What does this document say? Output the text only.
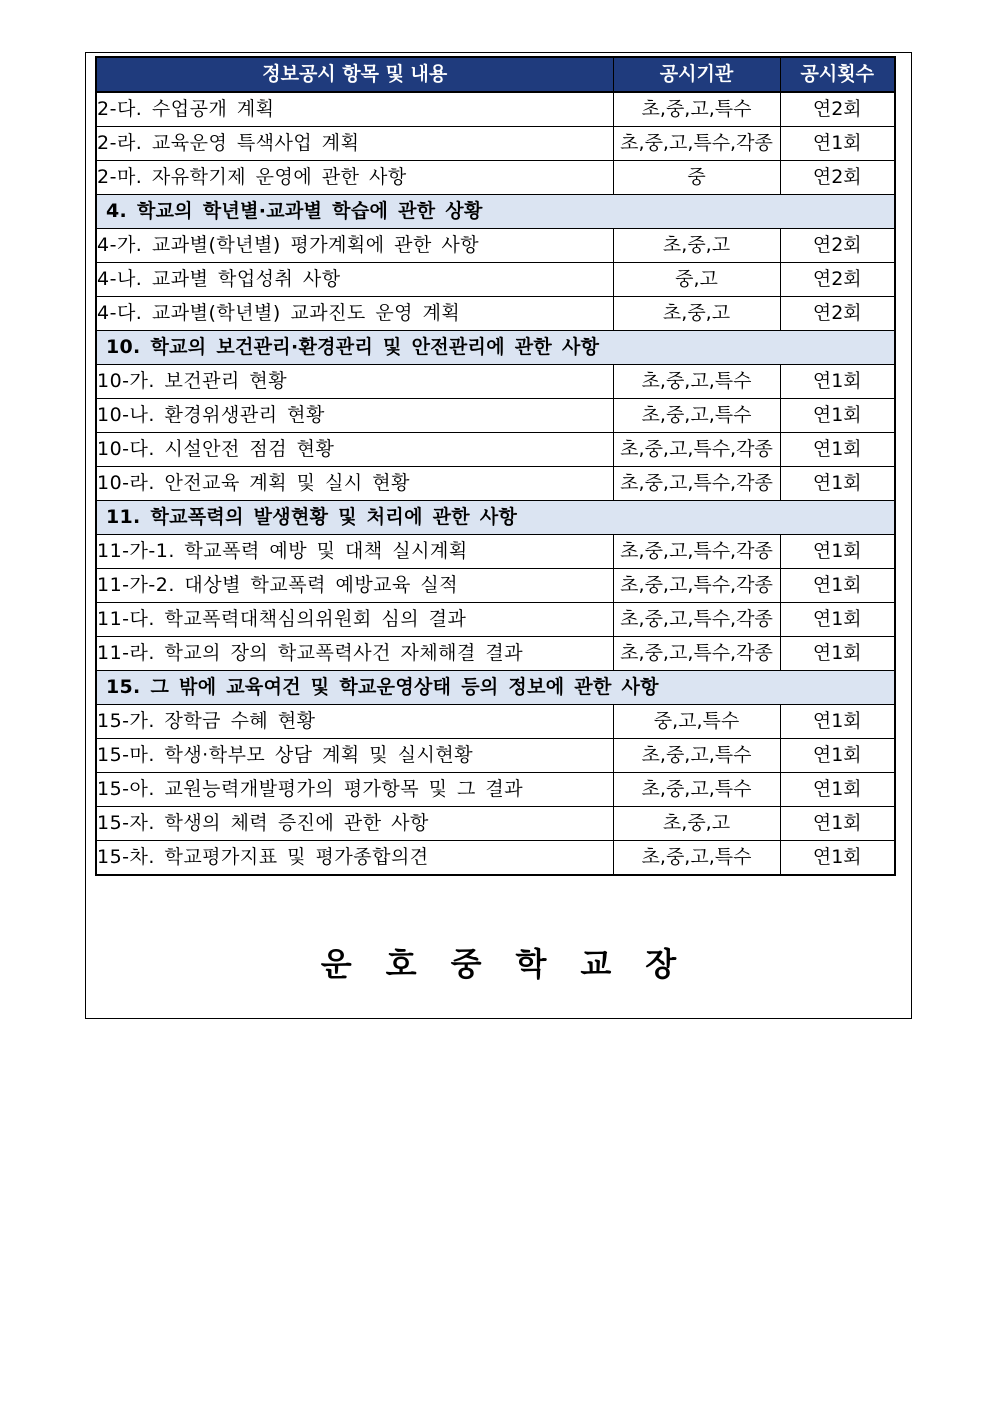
정보공시 항목 및 내용	공시기관	공시횟수
2-다. 수업공개 계획	초,중,고,특수	연2회
2-라. 교육운영 특색사업 계획	초,중,고,특수,각종	연1회
2-마. 자유학기제 운영에 관한 사항	중	연2회
4. 학교의 학년별·교과별 학습에 관한 상황		
4-가. 교과별(학년별) 평가계획에 관한 사항	초,중,고	연2회
4-나. 교과별 학업성취 사항	중,고	연2회
4-다. 교과별(학년별) 교과진도 운영 계획	초,중,고	연2회
10. 학교의 보건관리·환경관리 및 안전관리에 관한 사항		
10-가. 보건관리 현황	초,중,고,특수	연1회
10-나. 환경위생관리 현황	초,중,고,특수	연1회
10-다. 시설안전 점검 현황	초,중,고,특수,각종	연1회
10-라. 안전교육 계획 및 실시 현황	초,중,고,특수,각종	연1회
11. 학교폭력의 발생현황 및 처리에 관한 사항		
11-가-1. 학교폭력 예방 및 대책 실시계획	초,중,고,특수,각종	연1회
11-가-2. 대상별 학교폭력 예방교육 실적	초,중,고,특수,각종	연1회
11-다. 학교폭력대책심의위원회 심의 결과	초,중,고,특수,각종	연1회
11-라. 학교의 장의 학교폭력사건 자체해결 결과	초,중,고,특수,각종	연1회
15. 그 밖에 교육여건 및 학교운영상태 등의 정보에 관한 사항		
15-가. 장학금 수혜 현황	중,고,특수	연1회
15-마. 학생·학부모 상담 계획 및 실시현황	초,중,고,특수	연1회
15-아. 교원능력개발평가의 평가항목 및 그 결과	초,중,고,특수	연1회
15-자. 학생의 체력 증진에 관한 사항	초,중,고	연1회
15-차. 학교평가지표 및 평가종합의견	초,중,고,특수	연1회
운호중학교장
